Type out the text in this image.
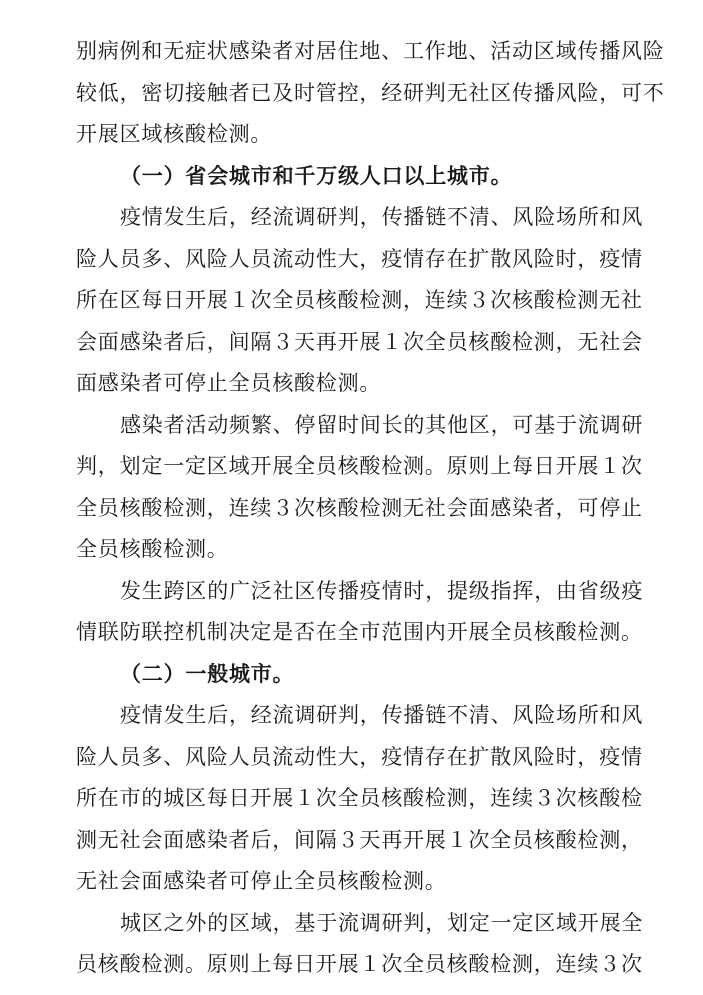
别病例和无症状感染者对居住地、工作地、活动区域传播风险
较低，密切接触者已及时管控，经研判无社区传播风险，可不
开展区域核酸检测。
（一）省会城市和千万级人口以上城市。
疫情发生后，经流调研判，传播链不清、风险场所和风
险人员多、风险人员流动性大，疫情存在扩散风险时，疫情
所在区每日开展１次全员核酸检测，连续３次核酸检测无社
会面感染者后，间隔３天再开展１次全员核酸检测，无社会
面感染者可停止全员核酸检测。
感染者活动频繁、停留时间长的其他区，可基于流调研
判，划定一定区域开展全员核酸检测。原则上每日开展１次
全员核酸检测，连续３次核酸检测无社会面感染者，可停止
全员核酸检测。
发生跨区的广泛社区传播疫情时，提级指挥，由省级疫
情联防联控机制决定是否在全市范围内开展全员核酸检测。
（二）一般城市。
疫情发生后，经流调研判，传播链不清、风险场所和风
险人员多、风险人员流动性大，疫情存在扩散风险时，疫情
所在市的城区每日开展１次全员核酸检测，连续３次核酸检
测无社会面感染者后，间隔３天再开展１次全员核酸检测，
无社会面感染者可停止全员核酸检测。
城区之外的区域，基于流调研判，划定一定区域开展全
员核酸检测。原则上每日开展１次全员核酸检测，连续３次
